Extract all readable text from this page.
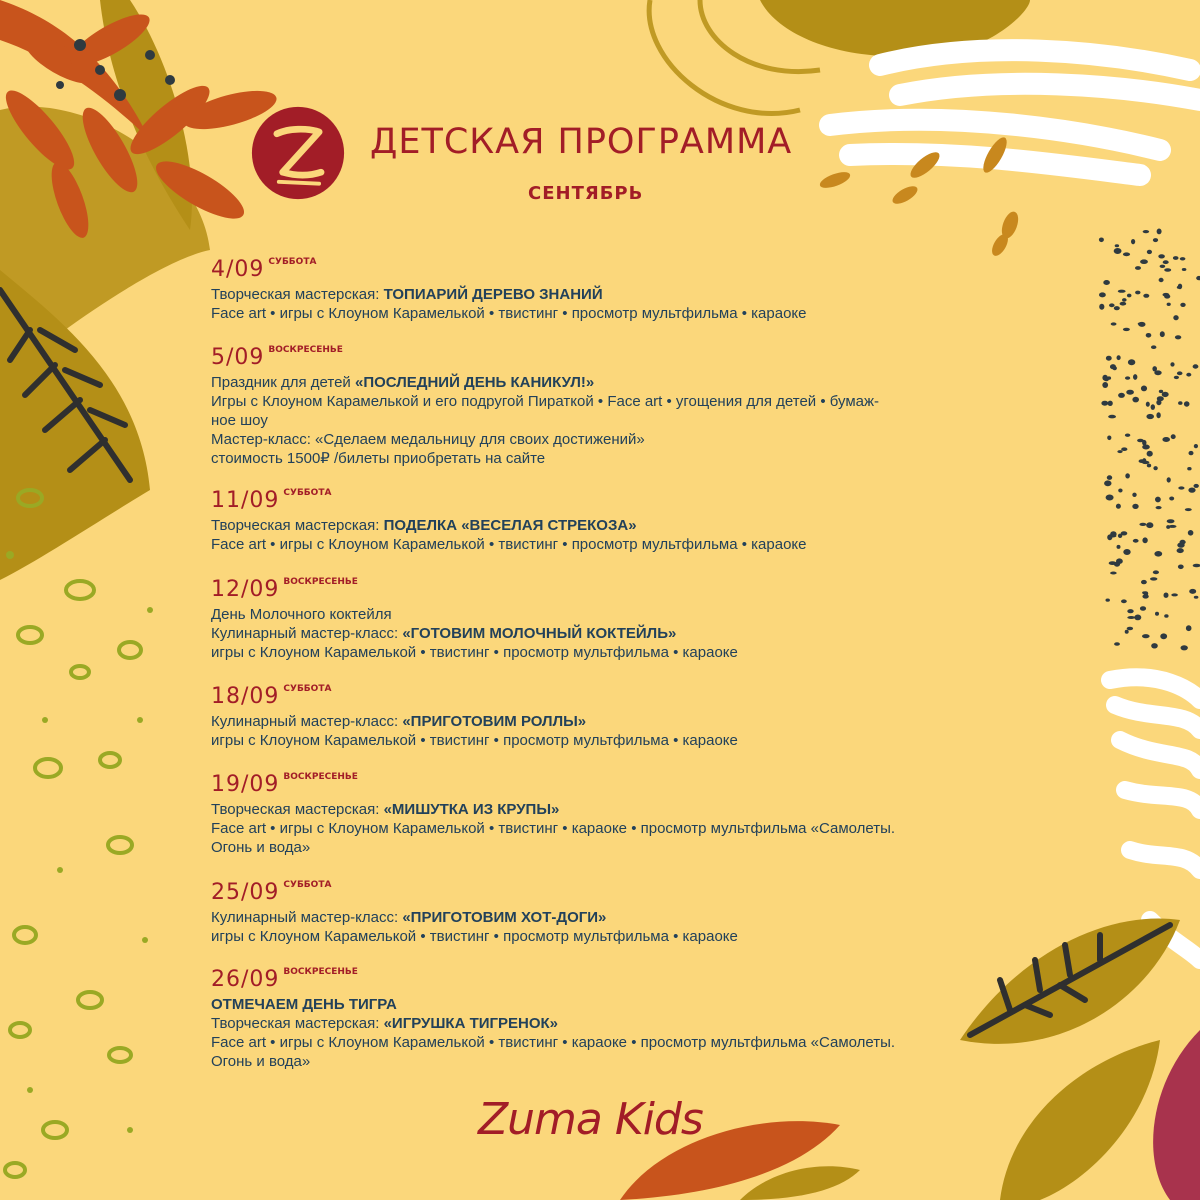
ДЕТСКАЯ ПРОГРАММА
СЕНТЯБРЬ
4/09 $^{СУББОТА}$
Творческая мастерская: ТОПИАРИЙ ДЕРЕВО ЗНАНИЙ
Face art • игры с Клоуном Карамелькой • твистинг • просмотр мультфильма • караоке
5/09 $^{ВОСКРЕСЕНЬЕ}$
Праздник для детей «ПОСЛЕДНИЙ ДЕНЬ КАНИКУЛ!»
Игры с Клоуном Карамелькой и его подругой Пираткой • Face art • угощения для детей • бумаж-
ное шоу
Мастер-класс: «Сделаем медальницу для своих достижений»
стоимость 1500₽ /билеты приобретать на сайте
11/09 $^{СУББОТА}$
Творческая мастерская: ПОДЕЛКА «ВЕСЕЛАЯ СТРЕКОЗА»
Face art • игры с Клоуном Карамелькой • твистинг • просмотр мультфильма • караоке
12/09 $^{ВОСКРЕСЕНЬЕ}$
День Молочного коктейля
Кулинарный мастер-класс: «ГОТОВИМ МОЛОЧНЫЙ КОКТЕЙЛЬ»
игры с Клоуном Карамелькой • твистинг • просмотр мультфильма • караоке
18/09 $^{СУББОТА}$
Кулинарный мастер-класс: «ПРИГОТОВИМ РОЛЛЫ»
игры с Клоуном Карамелькой • твистинг • просмотр мультфильма • караоке
19/09 $^{ВОСКРЕСЕНЬЕ}$
Творческая мастерская: «МИШУТКА ИЗ КРУПЫ»
Face art • игры с Клоуном Карамелькой • твистинг • караоке • просмотр мультфильма «Самолеты.
Огонь и вода»
25/09 $^{СУББОТА}$
Кулинарный мастер-класс: «ПРИГОТОВИМ ХОТ-ДОГИ»
игры с Клоуном Карамелькой • твистинг • просмотр мультфильма • караоке
26/09 $^{ВОСКРЕСЕНЬЕ}$
ОТМЕЧАЕМ ДЕНЬ ТИГРА
Творческая мастерская: «ИГРУШКА ТИГРЕНОК»
Face art • игры с Клоуном Карамелькой • твистинг • караоке • просмотр мультфильма «Самолеты.
Огонь и вода»
Zuma Kids
